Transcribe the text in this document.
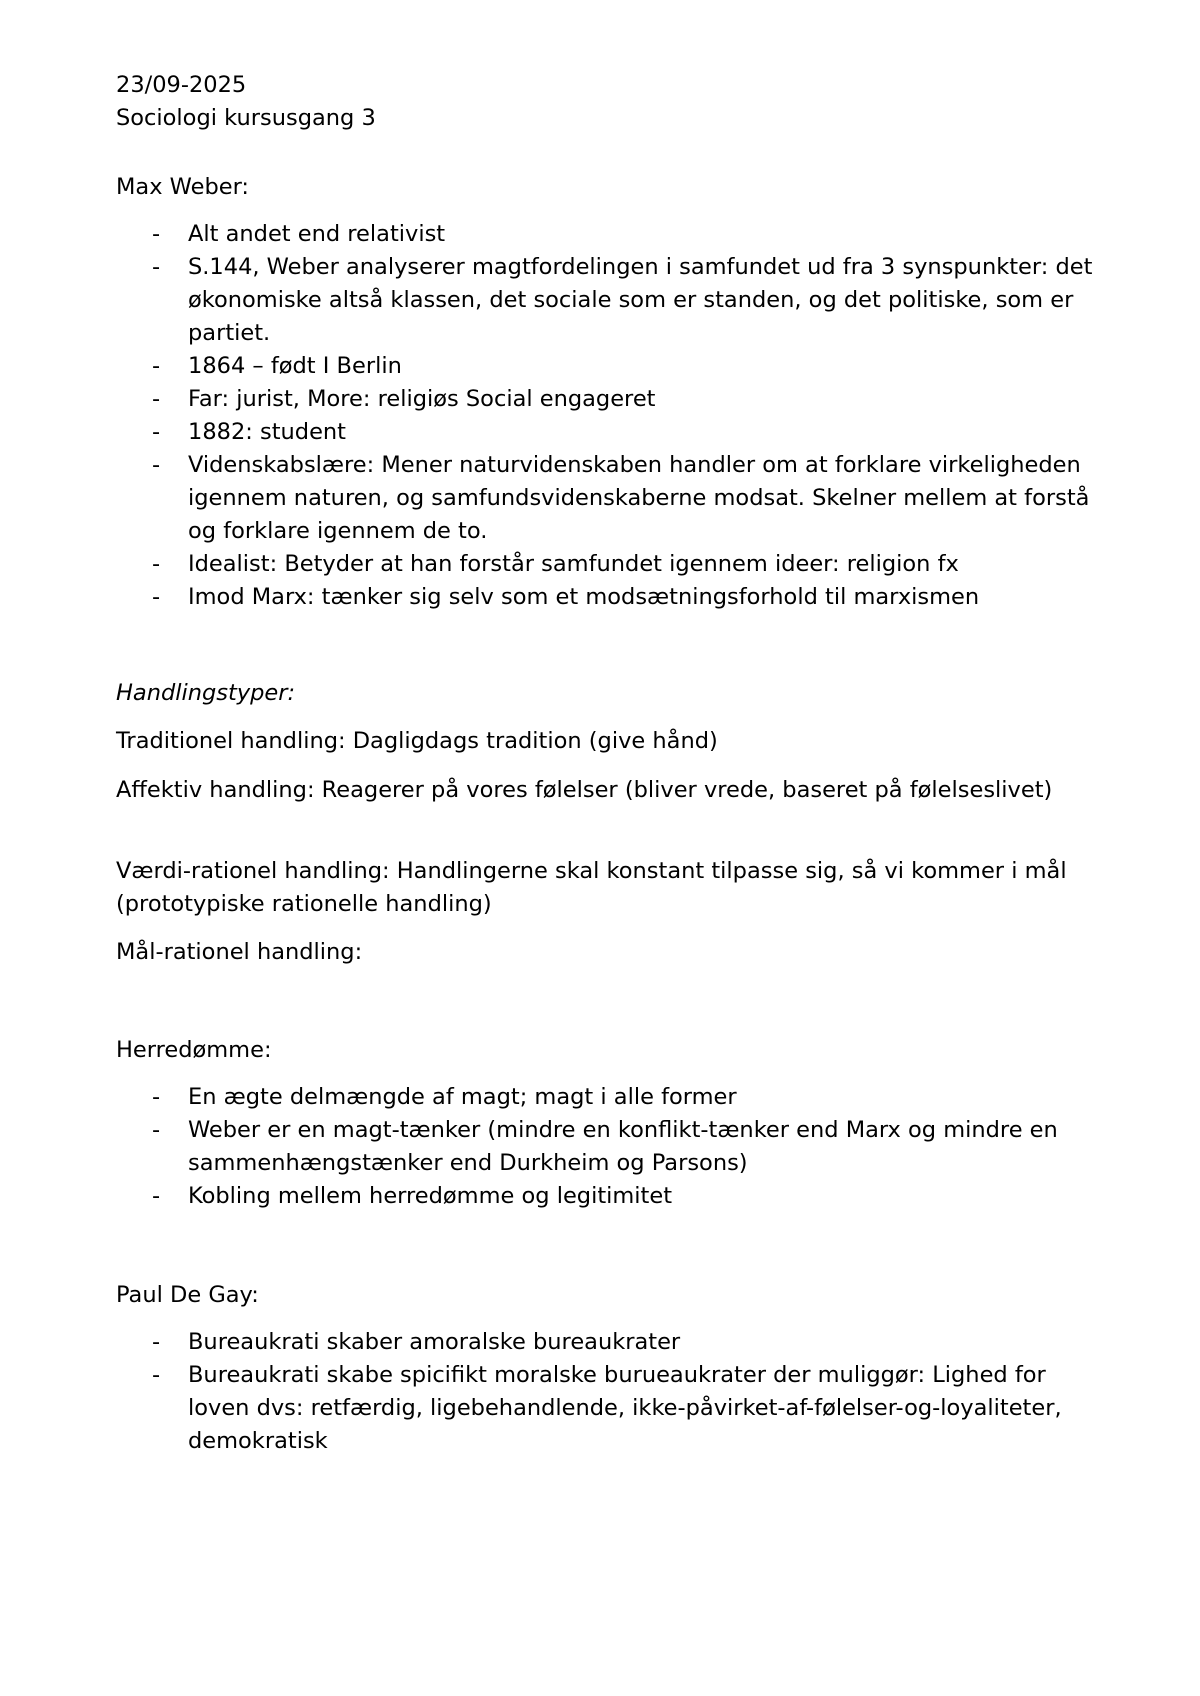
23/09-2025

Sociologi kursusgang 3

Max Weber:

- Alt andet end relativist
- S.144, Weber analyserer magtfordelingen i samfundet ud fra 3 synspunkter: det økonomiske altså klassen, det sociale som er standen, og det politiske, som er partiet.
- 1864 – født I Berlin
- Far: jurist, More: religiøs Social engageret
- 1882: student
- Videnskabslære: Mener naturvidenskaben handler om at forklare virkeligheden igennem naturen, og samfundsvidenskaberne modsat. Skelner mellem at forstå og forklare igennem de to.
- Idealist: Betyder at han forstår samfundet igennem ideer: religion fx
- Imod Marx: tænker sig selv som et modsætningsforhold til marxismen

Handlingstyper:

Traditionel handling: Dagligdags tradition (give hånd)

Affektiv handling: Reagerer på vores følelser (bliver vrede, baseret på følelseslivet)

Værdi-rationel handling: Handlingerne skal konstant tilpasse sig, så vi kommer i mål (prototypiske rationelle handling)

Mål-rationel handling:

Herredømme:

- En ægte delmængde af magt; magt i alle former
- Weber er en magt-tænker (mindre en konflikt-tænker end Marx og mindre en sammenhængstænker end Durkheim og Parsons)
- Kobling mellem herredømme og legitimitet

Paul De Gay:

- Bureaukrati skaber amoralske bureaukrater
- Bureaukrati skabe spicifikt moralske burueaukrater der muliggør: Lighed for loven dvs: retfærdig, ligebehandlende, ikke-påvirket-af-følelser-og-loyaliteter, demokratisk
